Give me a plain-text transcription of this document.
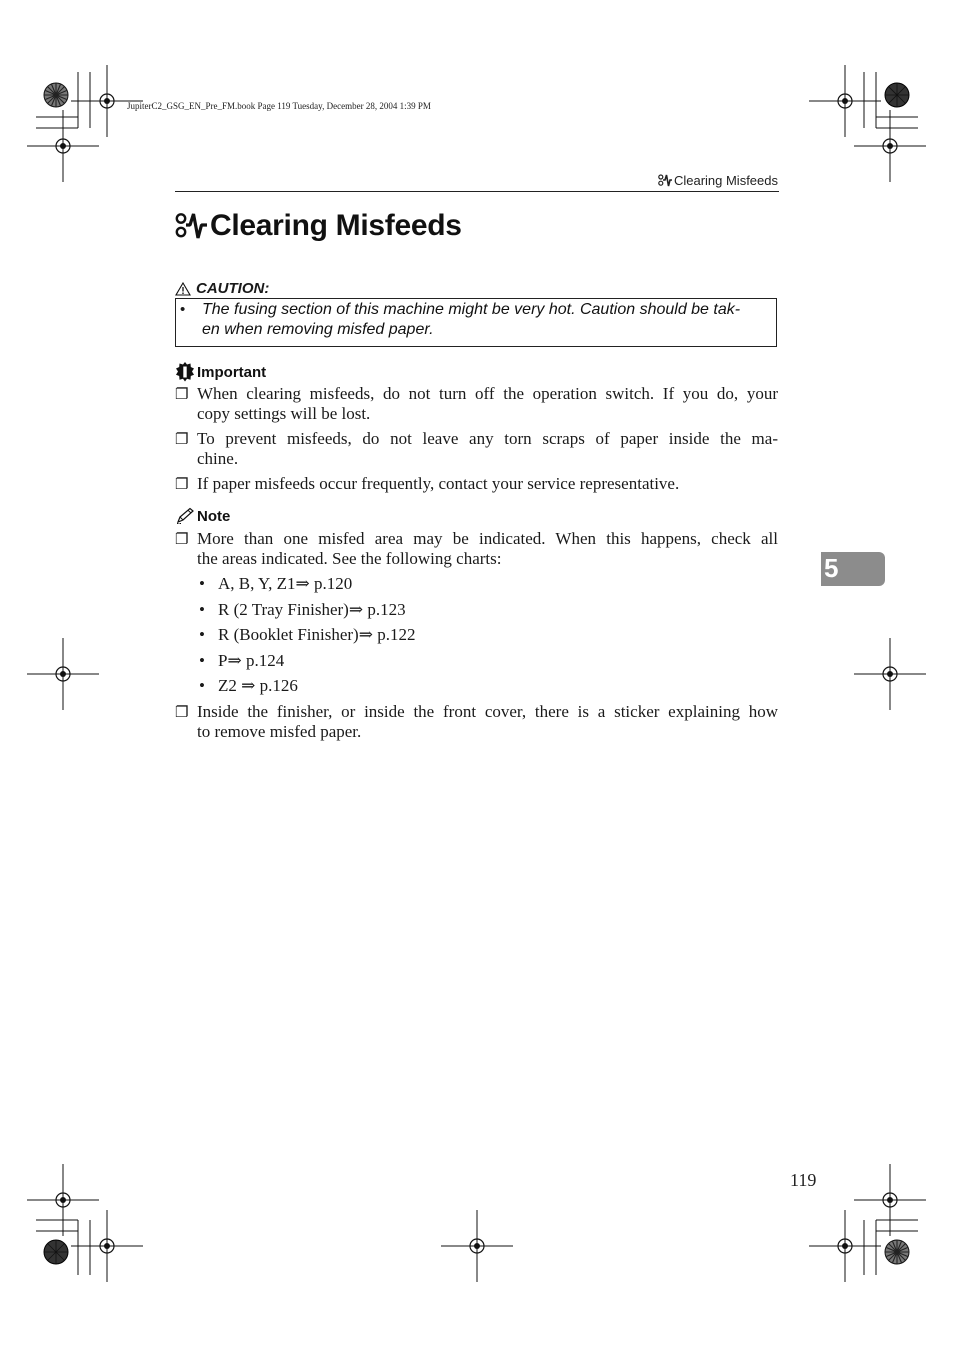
JupiterC2_GSG_EN_Pre_FM.book Page 119 Tuesday, December 28, 2004 1:39 PM
Clearing Misfeeds
Clearing Misfeeds
CAUTION:
• The fusing section of this machine might be very hot. Caution should be tak-
en when removing misfed paper.
Important
❐ When clearing misfeeds, do not turn off the operation switch. If you do, your
copy settings will be lost.
❐ To prevent misfeeds, do not leave any torn scraps of paper inside the ma-
chine.
❐ If paper misfeeds occur frequently, contact your service representative.
Note
❐ More than one misfed area may be indicated. When this happens, check all
the areas indicated. See the following charts:
• A, B, Y, Z1⇒ p.120
• R (2 Tray Finisher)⇒ p.123
• R (Booklet Finisher)⇒ p.122
• P⇒ p.124
• Z2 ⇒ p.126
❐ Inside the finisher, or inside the front cover, there is a sticker explaining how
to remove misfed paper.
5
119
